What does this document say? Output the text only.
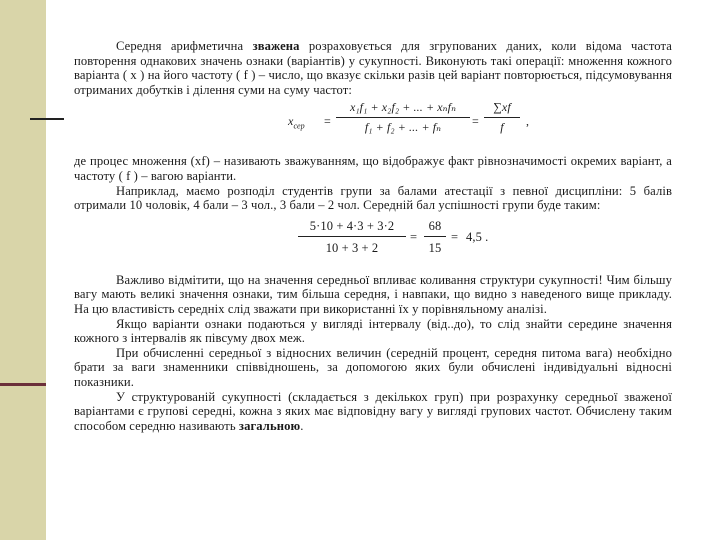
Середня арифметична зважена розраховується для згрупованих даних, коли відома частота повторення однакових значень ознаки (варіантів) у сукупності. Виконують такі операції: множення кожного варіанта ( x ) на його частоту ( f ) – число, що вказує скільки разів цей варіант повторюється, підсумовування отриманих добутків і ділення суми на суму частот:

$x_{сер}$ =
x₁f₁ + x₂f₂ + ... + xₙfₙ
f₁ + f₂ + ... + fₙ	= $\frac{\sum xf}{f}$ ,

де процес множення (xf) – називають зважуванням, що відображує факт рівнозначимості окремих варіант, а частоту ( f ) – вагою варіанти.

Наприклад, маємо розподіл студентів групи за балами атестації з певної дисципліни: 5 балів отримали 10 чоловік, 4 бали – 3 чол., 3 бали – 2 чол. Середній бал успішності групи буде таким:

$\frac{5\cdot 10 + 4\cdot 3 + 3\cdot 2}{10 + 3 + 2} = \frac{68}{15} = 4,5$ .

Важливо відмітити, що на значення середньої впливає коливання структури сукупності! Чим більшу вагу мають великі значення ознаки, тим більша середня, і навпаки, що видно з наведеного вище прикладу. На цю властивість середніх слід зважати при використанні їх у порівняльному аналізі.

Якщо варіанти ознаки подаються у вигляді інтервалу (від..до), то слід знайти середине значення кожного з інтервалів як півсуму двох меж.

При обчисленні середньої з відносних величин (середній процент, середня питома вага) необхідно брати за ваги знаменники співвідношень, за допомогою яких були обчислені індивідуальні відносні показники.

У структурованій сукупності (складається з декількох груп) при розрахунку середньої зваженої варіантами є групові середні, кожна з яких має відповідну вагу у вигляді групових частот. Обчислену таким способом середню називають загальною.
